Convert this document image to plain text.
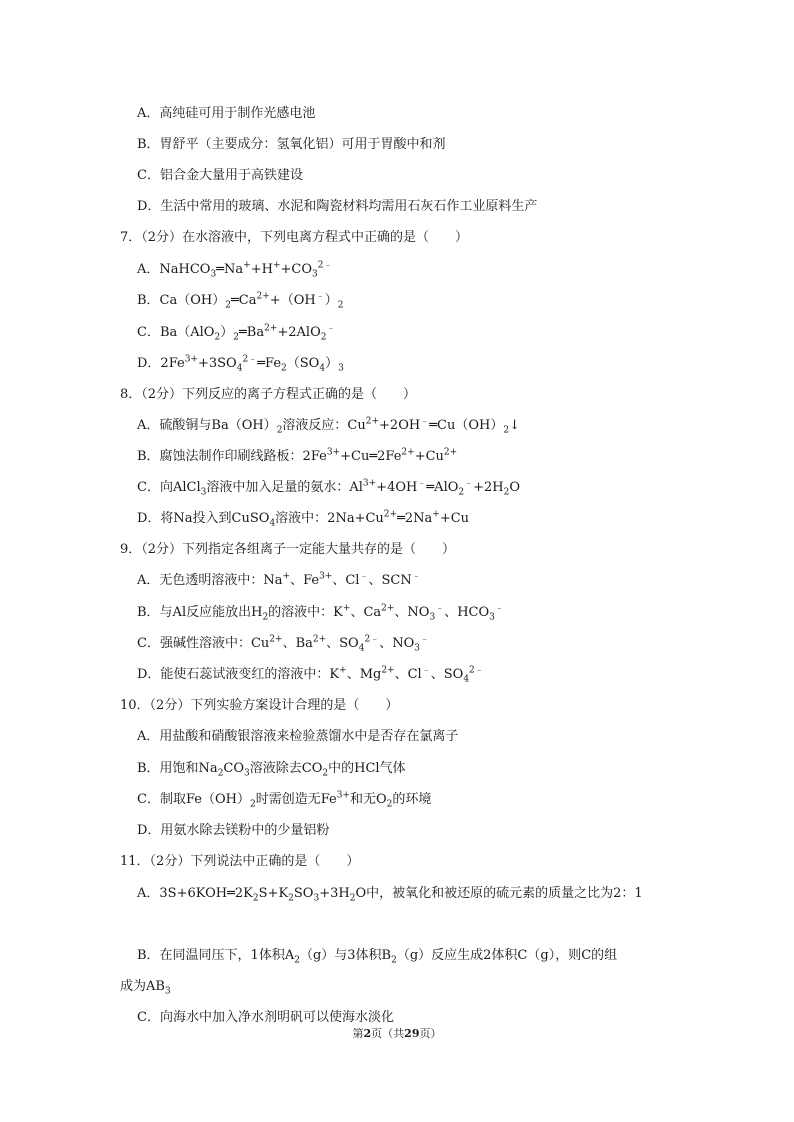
A．高纯硅可用于制作光感电池
B．胃舒平（主要成分：氢氧化铝）可用于胃酸中和剂
C．铝合金大量用于高铁建设
D．生活中常用的玻璃、水泥和陶瓷材料均需用石灰石作工业原料生产
7．（2分）在水溶液中，下列电离方程式中正确的是（　　）
A．$NaHCO_3═Na^++H^++CO_3^{2﹣}$
B．$Ca(OH)_2═Ca^{2+}+(OH^﹣)_2$
C．$Ba(AlO_2)_2═Ba^{2+}+2AlO_2^﹣$
D．$2Fe^{3+}+3SO_4^{2﹣}═Fe_2(SO_4)_3$
8．（2分）下列反应的离子方程式正确的是（　　）
A．硫酸铜与$Ba(OH)_2$溶液反应：$Cu^{2+}+2OH^﹣═Cu(OH)_2↓$
B．腐蚀法制作印刷线路板：$2Fe^{3+}+Cu═2Fe^{2+}+Cu^{2+}$
C．向AlCl$_3$溶液中加入足量的氨水：$Al^{3+}+4OH^﹣═AlO_2^﹣+2H_2O$
D．将Na投入到CuSO$_4$溶液中：$2Na+Cu^{2+}═2Na^++Cu$
9．（2分）下列指定各组离子一定能大量共存的是（　　）
A．无色透明溶液中：Na+、$Fe^{3+}$、Cl﹣、SCN﹣
B．与Al反应能放出$H_2$的溶液中：K+、$Ca^{2+}$、$NO_3^﹣$、$HCO_3^﹣$
C．强碱性溶液中：$Cu^{2+}$、$Ba^{2+}$、$SO_4^{2﹣}$、$NO_3^﹣$
D．能使石蕊试液变红的溶液中：K+、$Mg^{2+}$、Cl﹣、$SO_4^{2﹣}$
10．（2分）下列实验方案设计合理的是（　　）
A．用盐酸和硝酸银溶液来检验蒸馏水中是否存在氯离子
B．用饱和$Na_2CO_3$溶液除去$CO_2$中的HCl气体
C．制取$Fe(OH)_2$时需创造无$Fe^{3+}$和无$O_2$的环境
D．用氨水除去镁粉中的少量铝粉
11．（2分）下列说法中正确的是（　　）
A．$3S+6KOH═2K_2S+K_2SO_3+3H_2O$中，被氧化和被还原的硫元素的质量之比为2：1
B．在同温同压下，1体积$A_2(g)$与3体积$B_2(g)$反应生成2体积C（g），则C的组
成为$AB_3$
C．向海水中加入净水剂明矾可以使海水淡化
第2页（共29页）
